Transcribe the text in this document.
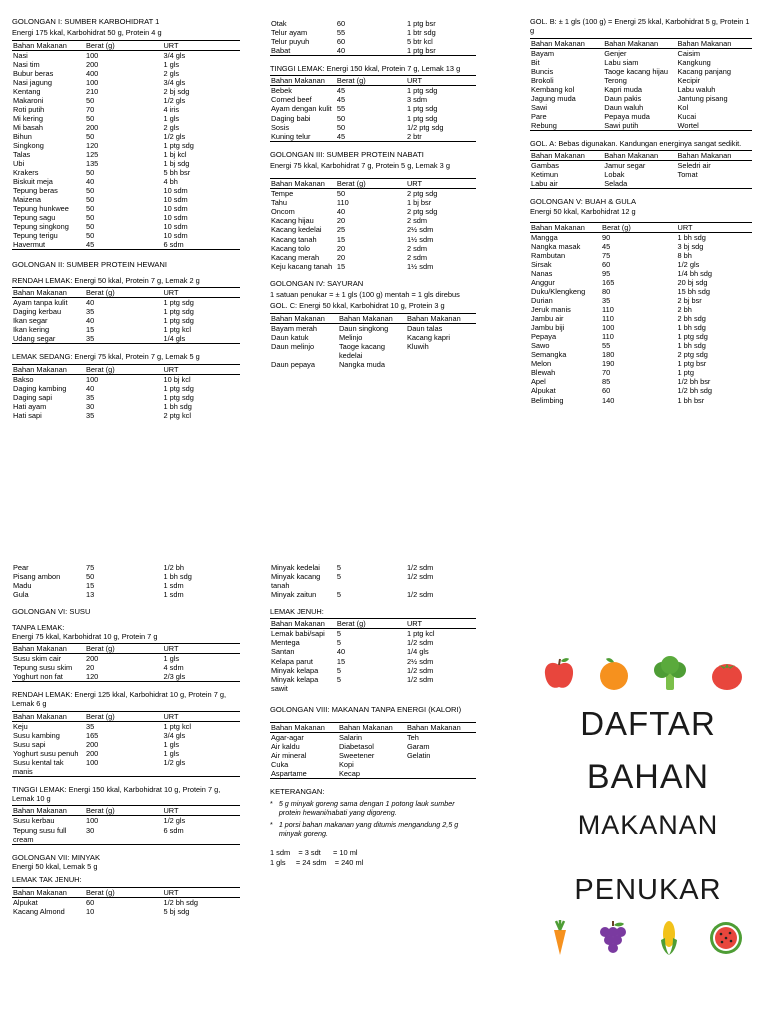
GOLONGAN I: SUMBER KARBOHIDRAT 1
Energi 175 kkal, Karbohidrat 50 g, Protein 4 g
Bahan Makanan	Berat (g)	URT
Nasi	100	3/4 gls
Nasi tim	200	1 gls
Bubur beras	400	2 gls
Nasi jagung	100	3/4 gls
Kentang	210	2 bj sdg
Makaroni	50	1/2 gls
Roti putih	70	4 iris
Mi kering	50	1 gls
Mi basah	200	2 gls
Bihun	50	1/2 gls
Singkong	120	1 ptg sdg
Talas	125	1 bj kcl
Ubi	135	1 bj sdg
Krakers	50	5 bh bsr
Biskuit meja	40	4 bh
Tepung beras	50	10 sdm
Maizena	50	10 sdm
Tepung hunkwee	50	10 sdm
Tepung sagu	50	10 sdm
Tepung singkong	50	10 sdm
Tepung terigu	50	10 sdm
Havermut	45	6 sdm
GOLONGAN II: SUMBER PROTEIN HEWANI
RENDAH LEMAK: Energi 50 kkal, Protein 7 g, Lemak 2 g
Bahan Makanan	Berat (g)	URT
Ayam tanpa kulit	40	1 ptg sdg
Daging kerbau	35	1 ptg sdg
Ikan segar	40	1 ptg sdg
Ikan kering	15	1 ptg kcl
Udang segar	35	1/4 gls
LEMAK SEDANG: Energi 75 kkal, Protein 7 g, Lemak 5 g
Bahan Makanan	Berat (g)	URT
Bakso	100	10 bj kcl
Daging kambing	40	1 ptg sdg
Daging sapi	35	1 ptg sdg
Hati ayam	30	1 bh sdg
Hati sapi	35	2 ptg kcl
Pear	75	1/2 bh
Pisang ambon	50	1 bh sdg
Madu	15	1 sdm
Gula	13	1 sdm
GOLONGAN VI: SUSU
TANPA LEMAK:
Energi 75 kkal, Karbohidrat 10 g, Protein 7 g
Bahan Makanan	Berat (g)	URT
Susu skim cair	200	1 gls
Tepung susu skim	20	4 sdm
Yoghurt non fat	120	2/3 gls
RENDAH LEMAK: Energi 125 kkal, Karbohidrat 10 g, Protein 7 g, Lemak 6 g
Bahan Makanan	Berat (g)	URT
Keju	35	1 ptg kcl
Susu kambing	165	3/4 gls
Susu sapi	200	1 gls
Yoghurt susu penuh	200	1 gls
Susu kental tak manis	100	1/2 gls
TINGGI LEMAK: Energi 150 kkal, Karbohidrat 10 g, Protein 7 g, Lemak 10 g
Bahan Makanan	Berat (g)	URT
Susu kerbau	100	1/2 gls
Tepung susu full cream	30	6 sdm
GOLONGAN VII: MINYAK
Energi 50 kkal, Lemak 5 g
LEMAK TAK JENUH:
Bahan Makanan	Berat (g)	URT
Alpukat	60	1/2 bh sdg
Kacang Almond	10	5 bj sdg
Otak	60	1 ptg bsr
Telur ayam	55	1 btr sdg
Telur puyuh	60	5 btr kcl
Babat	40	1 ptg bsr
TINGGI LEMAK: Energi 150 kkal, Protein 7 g, Lemak 13 g
Bahan Makanan	Berat (g)	URT
Bebek	45	1 ptg sdg
Corned beef	45	3 sdm
Ayam dengan kulit	55	1 ptg sdg
Daging babi	50	1 ptg sdg
Sosis	50	1/2 ptg sdg
Kuning telur	45	2 btr
GOLONGAN III: SUMBER PROTEIN NABATI
Energi 75 kkal, Karbohidrat 7 g, Protein 5 g, Lemak 3 g
Bahan Makanan	Berat (g)	URT
Tempe	50	2 ptg sdg
Tahu	110	1 bj bsr
Oncom	40	2 ptg sdg
Kacang hijau	20	2 sdm
Kacang kedelai	25	2½ sdm
Kacang tanah	15	1½ sdm
Kacang tolo	20	2 sdm
Kacang merah	20	2 sdm
Keju kacang tanah	15	1½ sdm
GOLONGAN IV: SAYURAN
1 satuan penukar = ± 1 gls (100 g) mentah = 1 gls direbus
GOL. C: Energi 50 kkal, Karbohidrat 10 g, Protein 3 g
Bahan Makanan	Bahan Makanan	Bahan Makanan
Bayam merah	Daun singkong	Daun talas
Daun katuk	Melinjo	Kacang kapri
Daun melinjo	Taoge kacang kedelai	Kluwih
Daun pepaya	Nangka muda	
Minyak kedelai	5	1/2 sdm
Minyak kacang tanah	5	1/2 sdm
Minyak zaitun	5	1/2 sdm
LEMAK JENUH:
Bahan Makanan	Berat (g)	URT
Lemak babi/sapi	5	1 ptg kcl
Mentega	5	1/2 sdm
Santan	40	1/4 gls
Kelapa parut	15	2½ sdm
Minyak kelapa	5	1/2 sdm
Minyak kelapa sawit	5	1/2 sdm
GOLONGAN VIII: MAKANAN TANPA ENERGI (KALORI)
Bahan Makanan	Bahan Makanan	Bahan Makanan
Agar-agar	Salarin	Teh
Air kaldu	Diabetasol	Garam
Air mineral	Sweetener	Gelatin
Cuka	Kopi	
Aspartame	Kecap	
KETERANGAN:
* 5 g minyak goreng sama dengan 1 potong lauk sumber protein hewani/nabati yang digoreng.
* 1 porsi bahan makanan yang ditumis mengandung 2,5 g minyak goreng.
1 sdm    = 3 sdt      = 10 ml
1 gls     = 24 sdm    = 240 ml
GOL. B: ± 1 gls (100 g) = Energi 25 kkal, Karbohidrat 5 g, Protein 1 g
Bahan Makanan	Bahan Makanan	Bahan Makanan
Bayam	Genjer	Caisim
Bit	Labu siam	Kangkung
Buncis	Taoge kacang hijau	Kacang panjang
Brokoli	Terong	Kecipir
Kembang kol	Kapri muda	Labu waluh
Jagung muda	Daun pakis	Jantung pisang
Sawi	Daun waluh	Kol
Pare	Pepaya muda	Kucai
Rebung	Sawi putih	Wortel
GOL. A: Bebas digunakan. Kandungan energinya sangat sedikit.
Bahan Makanan	Bahan Makanan	Bahan Makanan
Gambas	Jamur segar	Seledri air
Ketimun	Lobak	Tomat
Labu air	Selada	
GOLONGAN V: BUAH & GULA
Energi 50 kkal, Karbohidrat 12 g
Bahan Makanan	Berat (g)	URT
Mangga	90	1 bh sdg
Nangka masak	45	3 bj sdg
Rambutan	75	8 bh
Sirsak	60	1/2 gls
Nanas	95	1/4 bh sdg
Anggur	165	20 bj sdg
Duku/Klengkeng	80	15 bh sdg
Durian	35	2 bj bsr
Jeruk manis	110	2 bh
Jambu air	110	2 bh sdg
Jambu biji	100	1 bh sdg
Pepaya	110	1 ptg sdg
Sawo	55	1 bh sdg
Semangka	180	2 ptg sdg
Melon	190	1 ptg bsr
Blewah	70	1 ptg
Apel	85	1/2 bh bsr
Alpukat	60	1/2 bh sdg
Belimbing	140	1 bh bsr
DAFTAR
BAHAN
MAKANAN
PENUKAR
